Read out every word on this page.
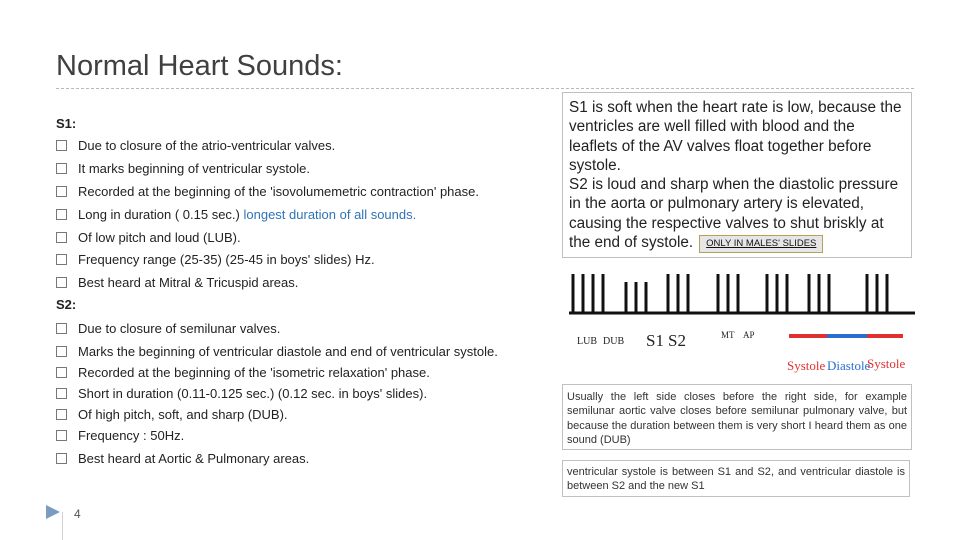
Normal Heart Sounds:
S1:
Due to closure of the atrio-ventricular valves.
It marks beginning of ventricular systole.
Recorded at the beginning of the 'isovolumemetric contraction' phase.
Long in duration ( 0.15 sec.) longest duration of all sounds.
Of low pitch and loud (LUB).
Frequency range (25-35) (25-45 in boys' slides) Hz.
Best heard at Mitral & Tricuspid areas.
S2:
Due to closure of semilunar valves.
Marks the beginning of ventricular diastole and end of ventricular systole.
Recorded at the beginning of the 'isometric relaxation' phase.
Short in duration (0.11-0.125 sec.) (0.12 sec. in boys' slides).
Of high pitch, soft, and sharp (DUB).
Frequency : 50Hz.
Best heard at Aortic & Pulmonary areas.
S1 is soft when the heart rate is low, because the ventricles are well filled with blood and the leaflets of the AV valves float together before systole.
S2 is loud and sharp when the diastolic pressure in the aorta or pulmonary artery is elevated, causing the respective valves to shut briskly at the end of systole. ONLY IN MALES' SLIDES
LUB DUB S1 S2	MT AP
Systole Diastole
Systole
Usually the left side closes before the right side, for example semilunar aortic valve closes before semilunar pulmonary valve, but because the duration between them is very short I heard them as one sound (DUB)
ventricular systole is between S1 and S2, and ventricular diastole is between S2 and the new S1
4
